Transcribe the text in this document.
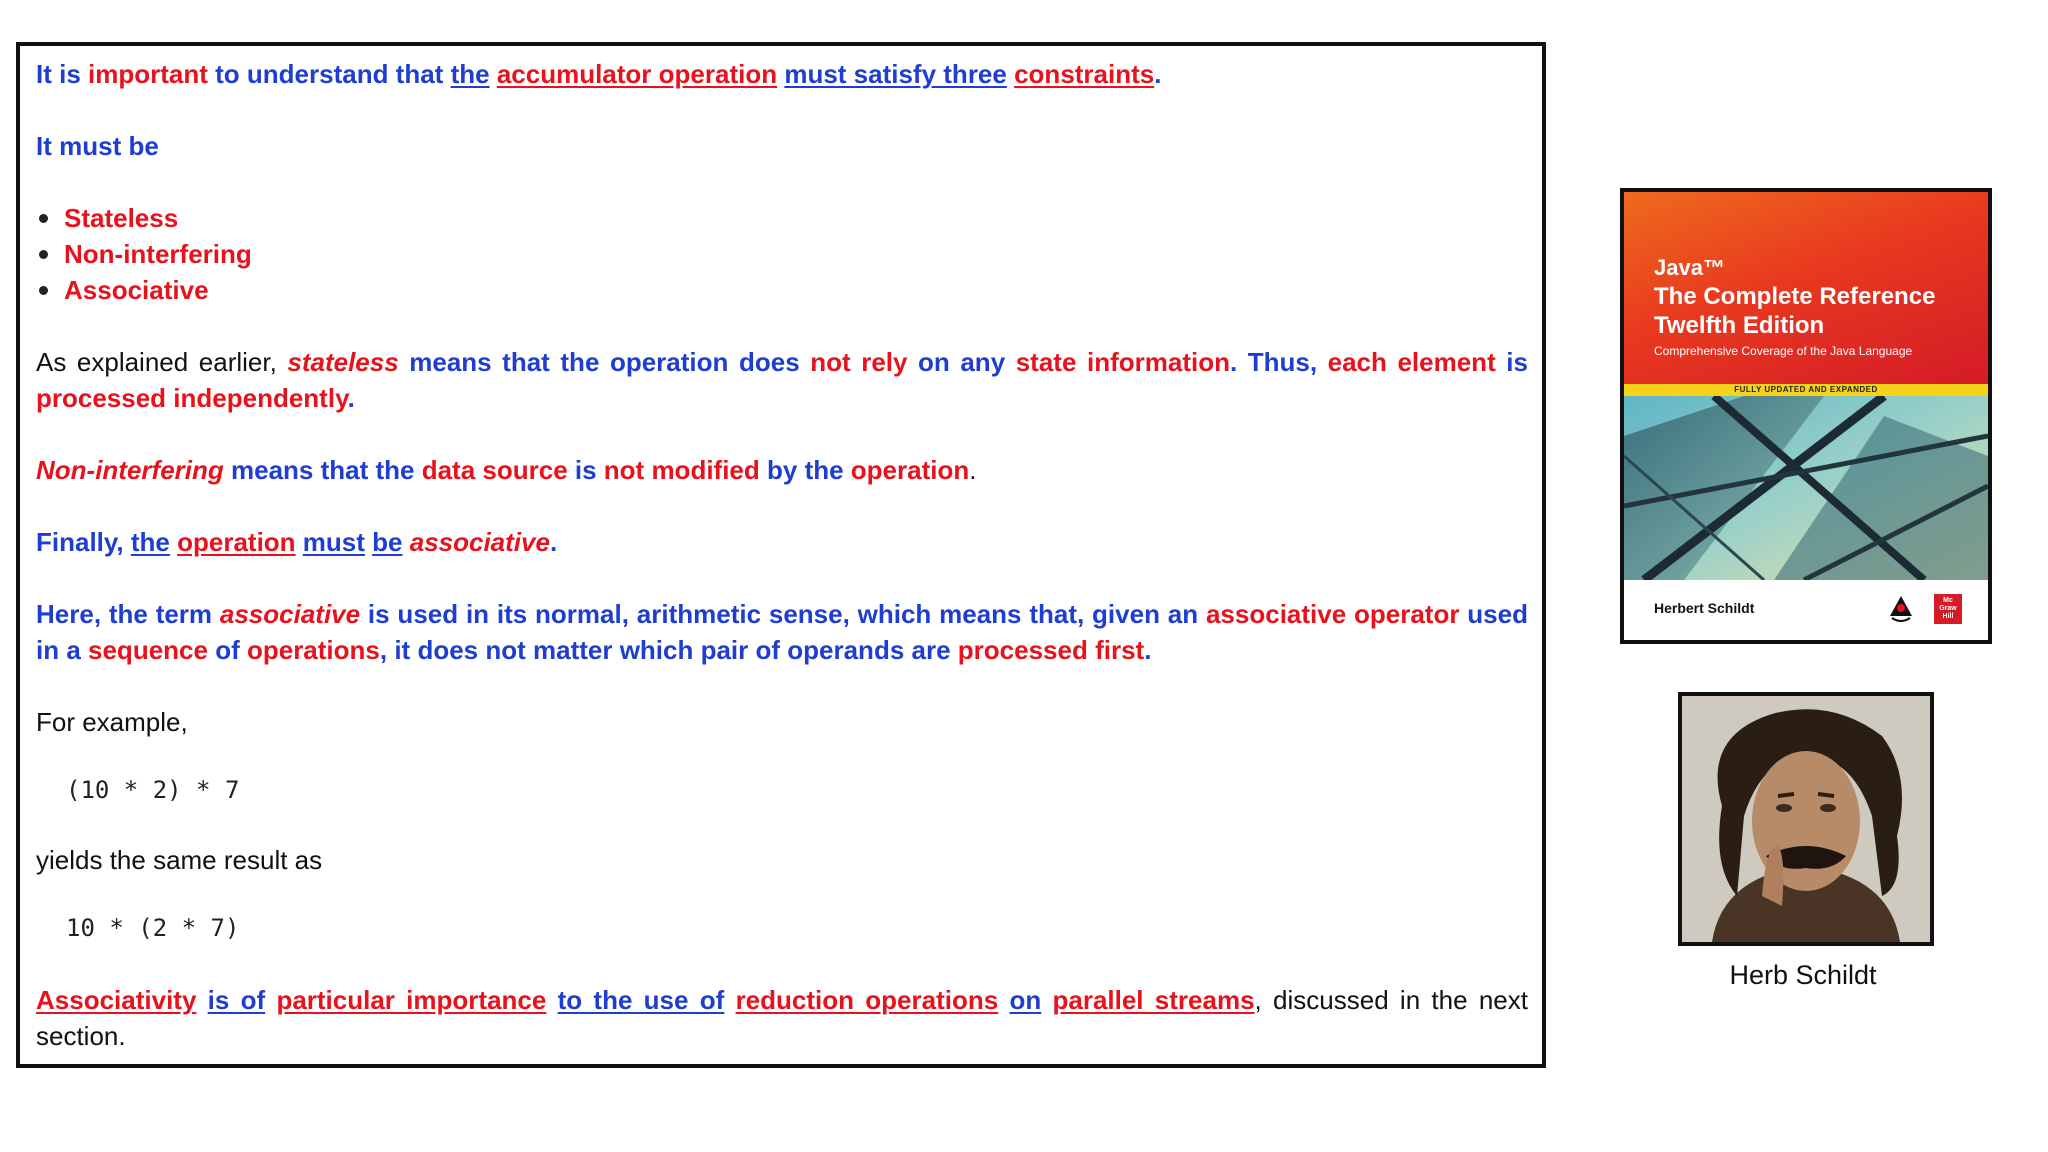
It is important to understand that the accumulator operation must satisfy three constraints.
It must be
Stateless
Non-interfering
Associative
As explained earlier, stateless means that the operation does not rely on any state information. Thus, each element is processed independently.
Non-interfering means that the data source is not modified by the operation.
Finally, the operation must be associative.
Here, the term associative is used in its normal, arithmetic sense, which means that, given an associative operator used in a sequence of operations, it does not matter which pair of operands are processed first.
For example,
(10 * 2) * 7
yields the same result as
10 * (2 * 7)
Associativity is of particular importance to the use of reduction operations on parallel streams, discussed in the next section.
Java™
The Complete Reference
Twelfth Edition
Comprehensive Coverage of the Java Language
FULLY UPDATED AND EXPANDED
Herbert Schildt	Mc Graw Hill
Herb Schildt
